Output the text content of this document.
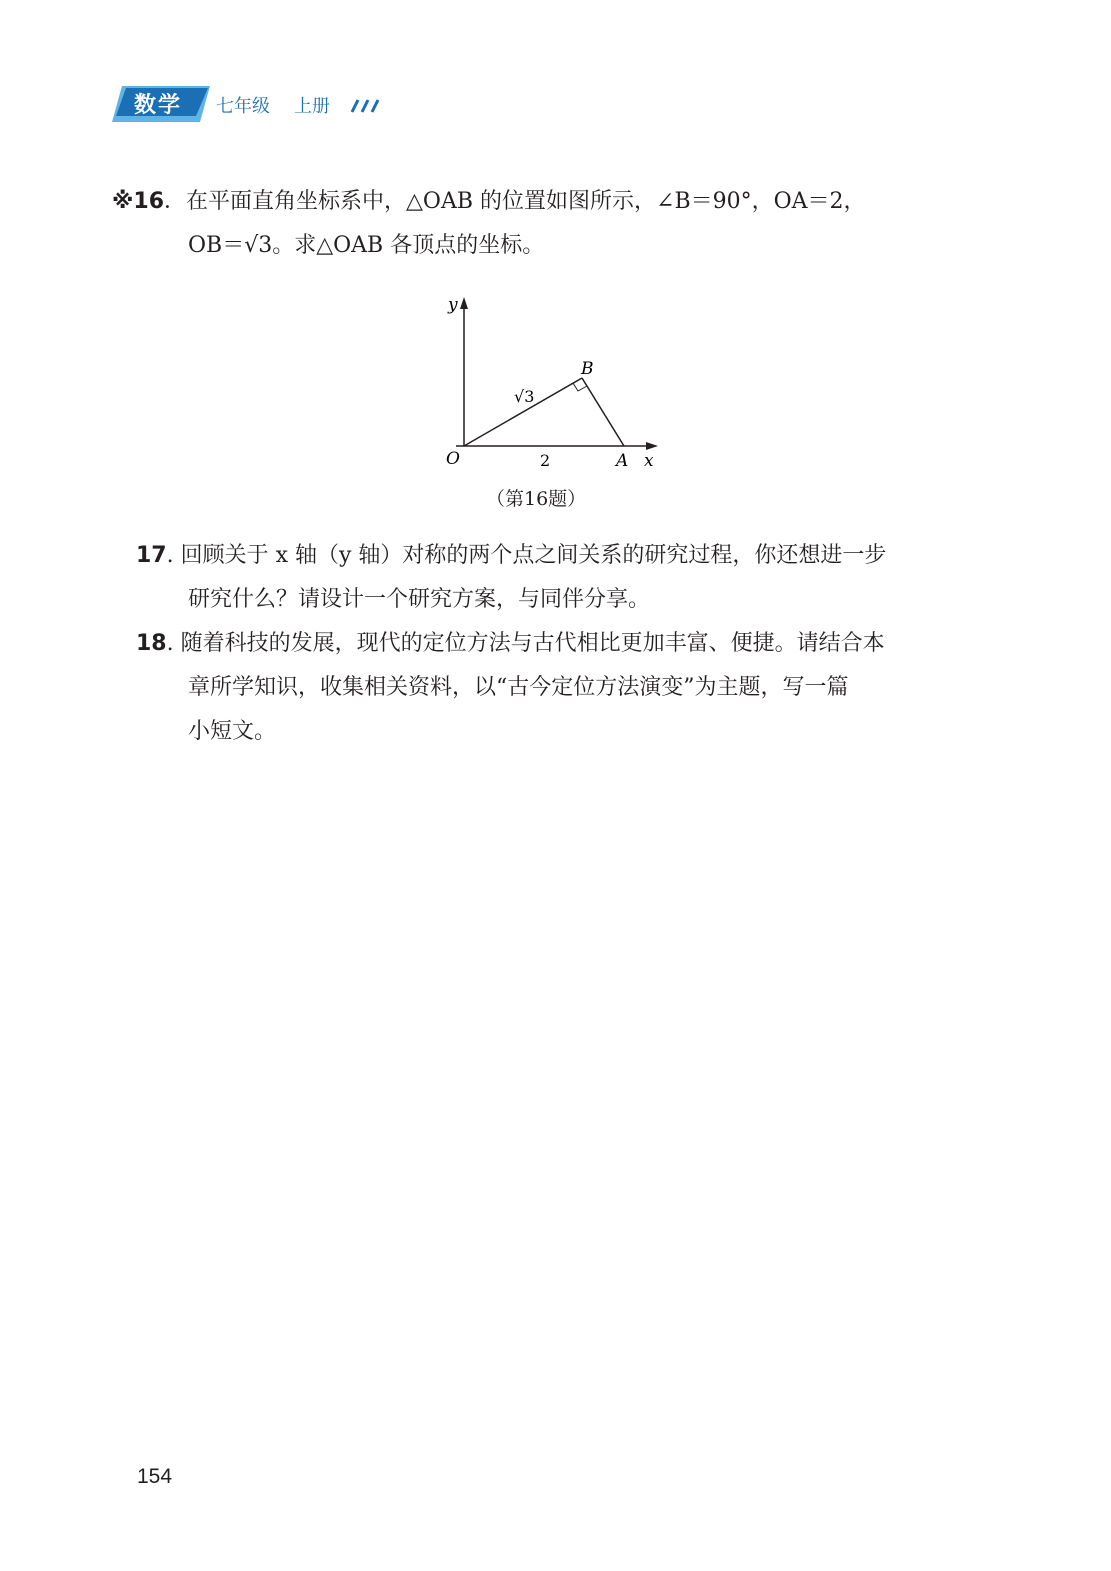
数学 七年级 上册
※16．在平面直角坐标系中，△OAB 的位置如图所示，∠B＝90°，OA＝2，
OB＝√3。求△OAB 各顶点的坐标。
y
x
O	A
B
√3
2
（第16题）
17. 回顾关于 x 轴（y 轴）对称的两个点之间关系的研究过程，你还想进一步
研究什么？请设计一个研究方案，与同伴分享。
18. 随着科技的发展，现代的定位方法与古代相比更加丰富、便捷。请结合本
章所学知识，收集相关资料，以“古今定位方法演变”为主题，写一篇
小短文。
154
